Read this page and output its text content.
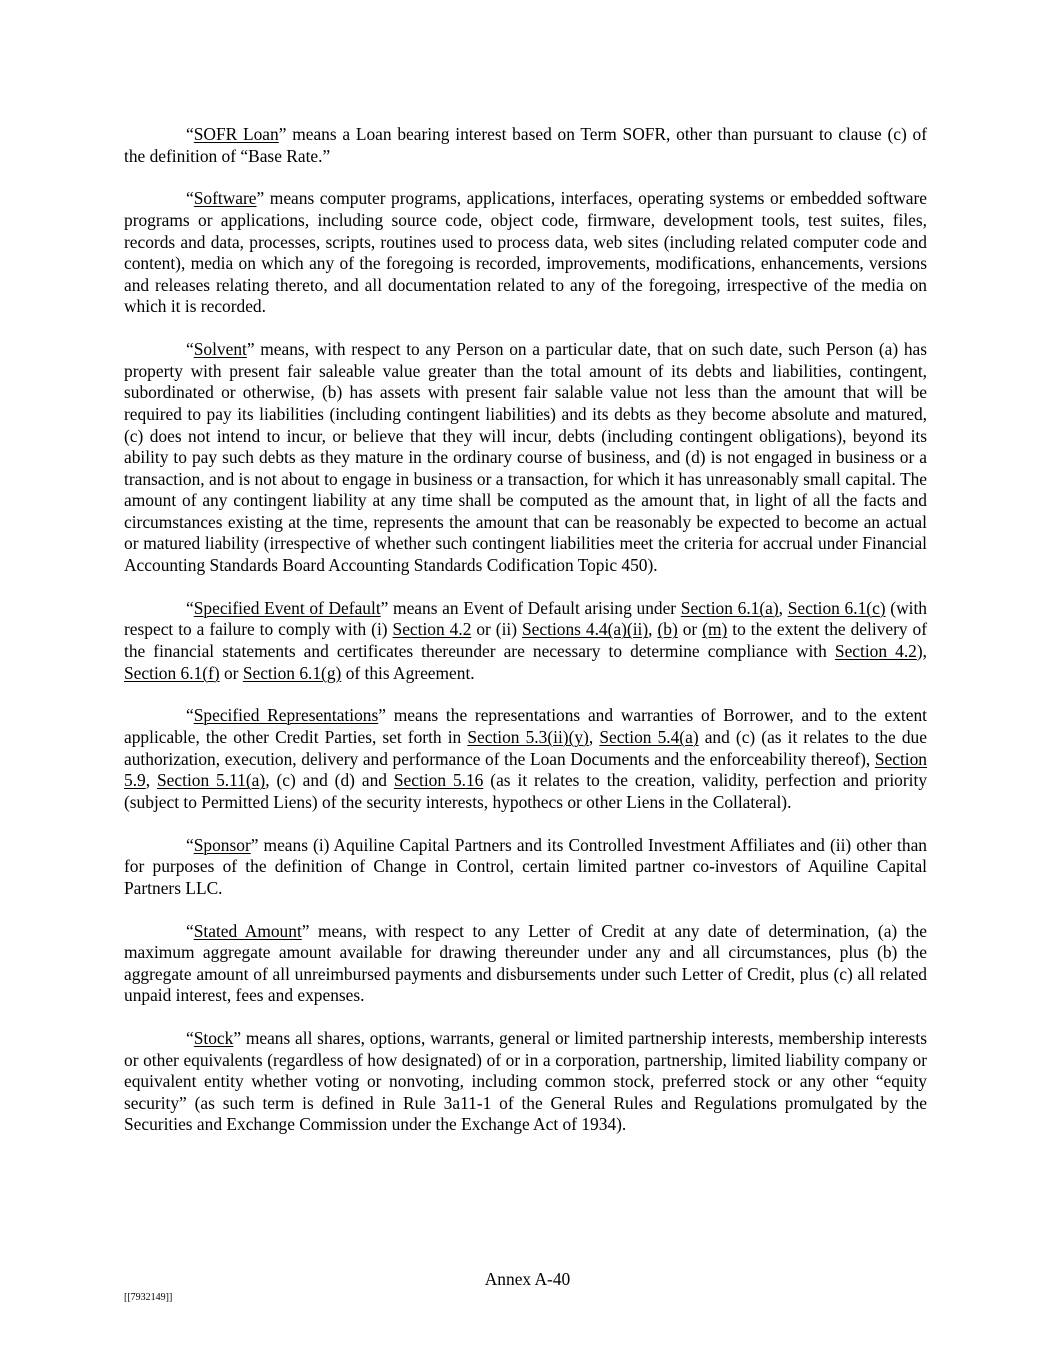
“SOFR Loan” means a Loan bearing interest based on Term SOFR, other than pursuant to clause (c) of the definition of “Base Rate.”

“Software” means computer programs, applications, interfaces, operating systems or embedded software programs or applications, including source code, object code, firmware, development tools, test suites, files, records and data, processes, scripts, routines used to process data, web sites (including related computer code and content), media on which any of the foregoing is recorded, improvements, modifications, enhancements, versions and releases relating thereto, and all documentation related to any of the foregoing, irrespective of the media on which it is recorded.

“Solvent” means, with respect to any Person on a particular date, that on such date, such Person (a) has property with present fair saleable value greater than the total amount of its debts and liabilities, contingent, subordinated or otherwise, (b) has assets with present fair salable value not less than the amount that will be required to pay its liabilities (including contingent liabilities) and its debts as they become absolute and matured, (c) does not intend to incur, or believe that they will incur, debts (including contingent obligations), beyond its ability to pay such debts as they mature in the ordinary course of business, and (d) is not engaged in business or a transaction, and is not about to engage in business or a transaction, for which it has unreasonably small capital. The amount of any contingent liability at any time shall be computed as the amount that, in light of all the facts and circumstances existing at the time, represents the amount that can be reasonably be expected to become an actual or matured liability (irrespective of whether such contingent liabilities meet the criteria for accrual under Financial Accounting Standards Board Accounting Standards Codification Topic 450).

“Specified Event of Default” means an Event of Default arising under Section 6.1(a), Section 6.1(c) (with respect to a failure to comply with (i) Section 4.2 or (ii) Sections 4.4(a)(ii), (b) or (m) to the extent the delivery of the financial statements and certificates thereunder are necessary to determine compliance with Section 4.2), Section 6.1(f) or Section 6.1(g) of this Agreement.

“Specified Representations” means the representations and warranties of Borrower, and to the extent applicable, the other Credit Parties, set forth in Section 5.3(ii)(y), Section 5.4(a) and (c) (as it relates to the due authorization, execution, delivery and performance of the Loan Documents and the enforceability thereof), Section 5.9, Section 5.11(a), (c) and (d) and Section 5.16 (as it relates to the creation, validity, perfection and priority (subject to Permitted Liens) of the security interests, hypothecs or other Liens in the Collateral).

“Sponsor” means (i) Aquiline Capital Partners and its Controlled Investment Affiliates and (ii) other than for purposes of the definition of Change in Control, certain limited partner co-investors of Aquiline Capital Partners LLC.

“Stated Amount” means, with respect to any Letter of Credit at any date of determination, (a) the maximum aggregate amount available for drawing thereunder under any and all circumstances, plus (b) the aggregate amount of all unreimbursed payments and disbursements under such Letter of Credit, plus (c) all related unpaid interest, fees and expenses.

“Stock” means all shares, options, warrants, general or limited partnership interests, membership interests or other equivalents (regardless of how designated) of or in a corporation, partnership, limited liability company or equivalent entity whether voting or nonvoting, including common stock, preferred stock or any other “equity security” (as such term is defined in Rule 3a11-1 of the General Rules and Regulations promulgated by the Securities and Exchange Commission under the Exchange Act of 1934).

Annex A-40
[[7932149]]
